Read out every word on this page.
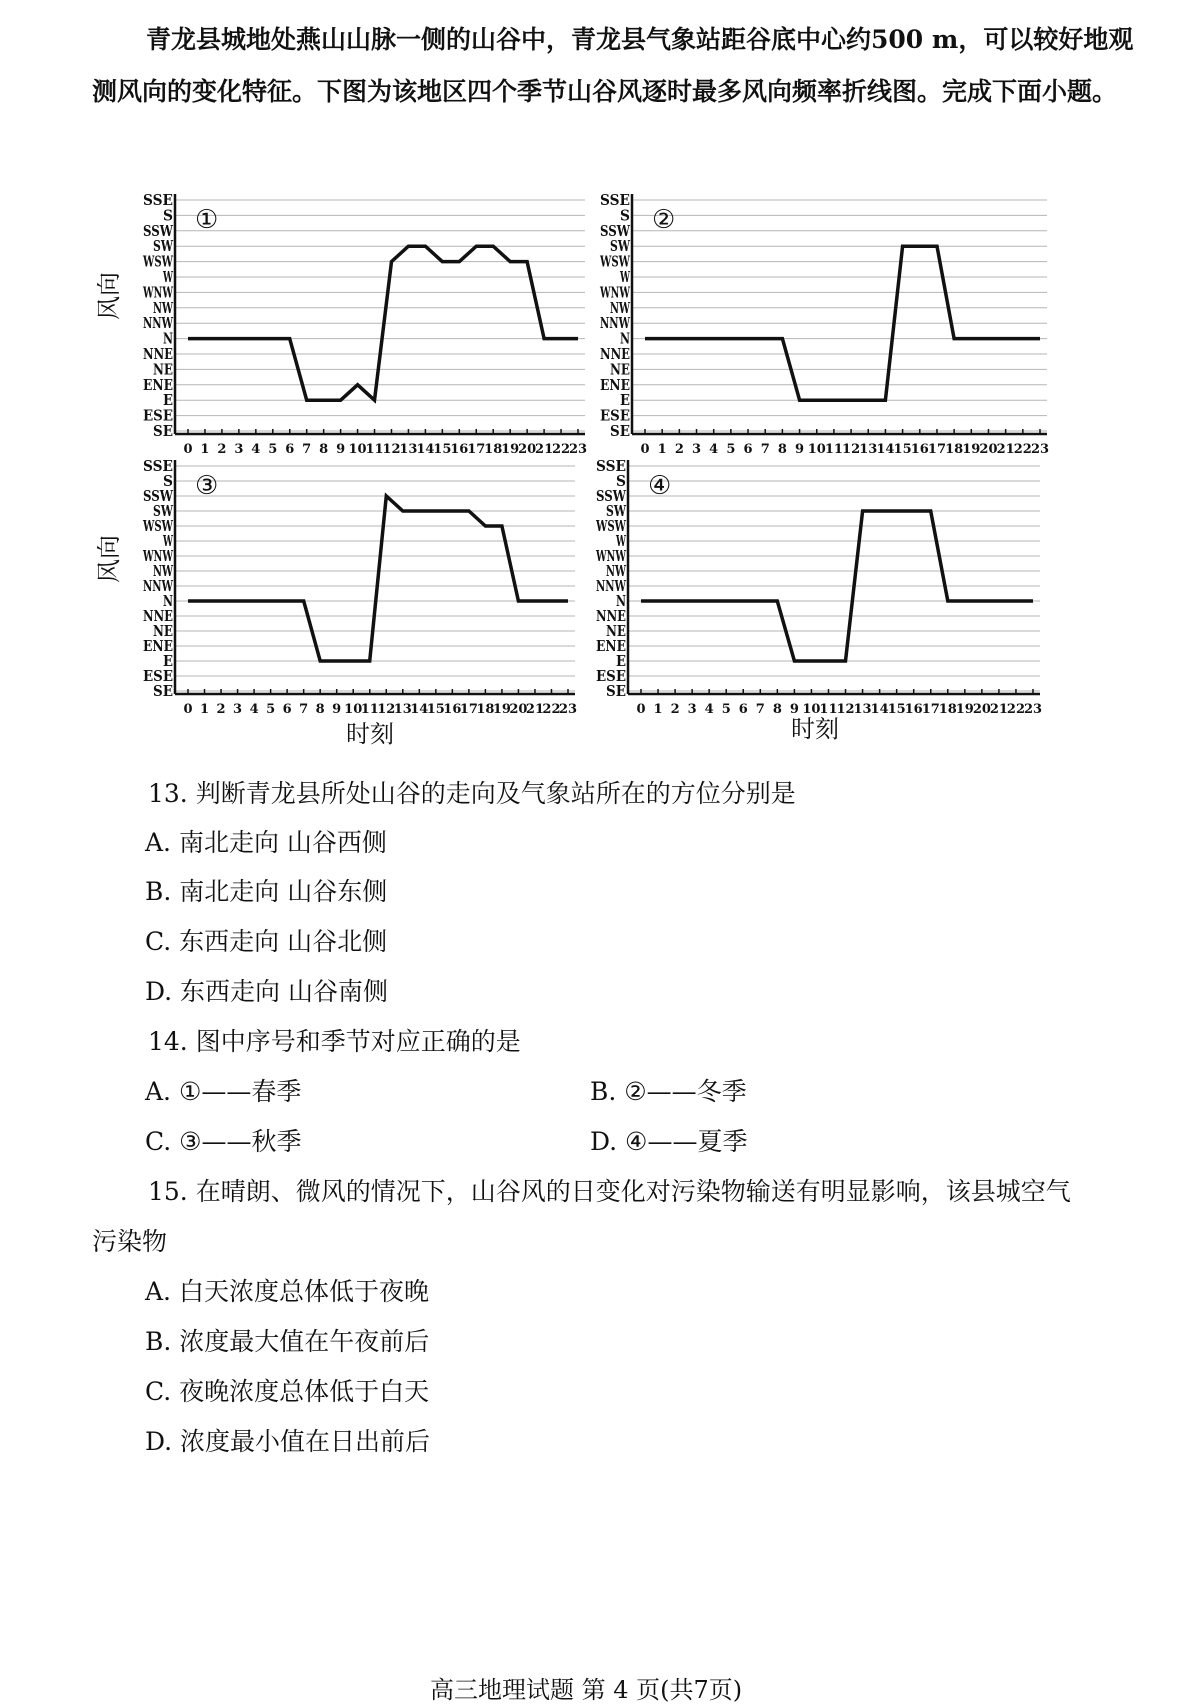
青龙县城地处燕山山脉一侧的山谷中，青龙县气象站距谷底中心约500 m，可以较好地观测风向的变化特征。下图为该地区四个季节山谷风逐时最多风向频率折线图。完成下面小题。

SE
ESE
E
ENE
NE
NNE
N
NNW
NW
WNW
W
WSW
SW
SSW
S
SSE
0 1 2 3 4 5 6 7 8 9 10
11
12
13
14
15
16
17
18
19
20
21
22
23
①
风向
SE
ESE
E
ENE
NE
NNE
N
NNW
NW
WNW
W
WSW
SW
SSW
S
SSE
0 1 2 3 4 5 6 7 8 9 10 11 12 13 14 15 16 17 18 19 20 21 22 23
②
SE
ESE
E
ENE
NE
NNE
N
NNW
NW
WNW
W
WSW
SW
SSW
S
SSE
0 1 2 3 4 5 6 7 8 9 10
11
12
13
14
15
16
17
18
19
20
21
22
23
③
风向
SE
ESE
E
ENE
NE
NNE
N
NNW
NW
WNW
W
WSW
SW
SSW
S
SSE
0 1 2 3 4 5 6 7 8 9 10
11
12
13
14
15
16
17
18
19
20
21
22
23
④
时刻	时刻

13. 判断青龙县所处山谷的走向及气象站所在的方位分别是

A. 南北走向 山谷西侧

B. 南北走向 山谷东侧

C. 东西走向 山谷北侧

D. 东西走向 山谷南侧

14. 图中序号和季节对应正确的是

A. ①——春季	B. ②——冬季

C. ③——秋季	D. ④——夏季

15. 在晴朗、微风的情况下，山谷风的日变化对污染物输送有明显影响，该县城空气

污染物

A. 白天浓度总体低于夜晚

B. 浓度最大值在午夜前后

C. 夜晚浓度总体低于白天

D. 浓度最小值在日出前后

高三地理试题 第 4 页(共7页)
